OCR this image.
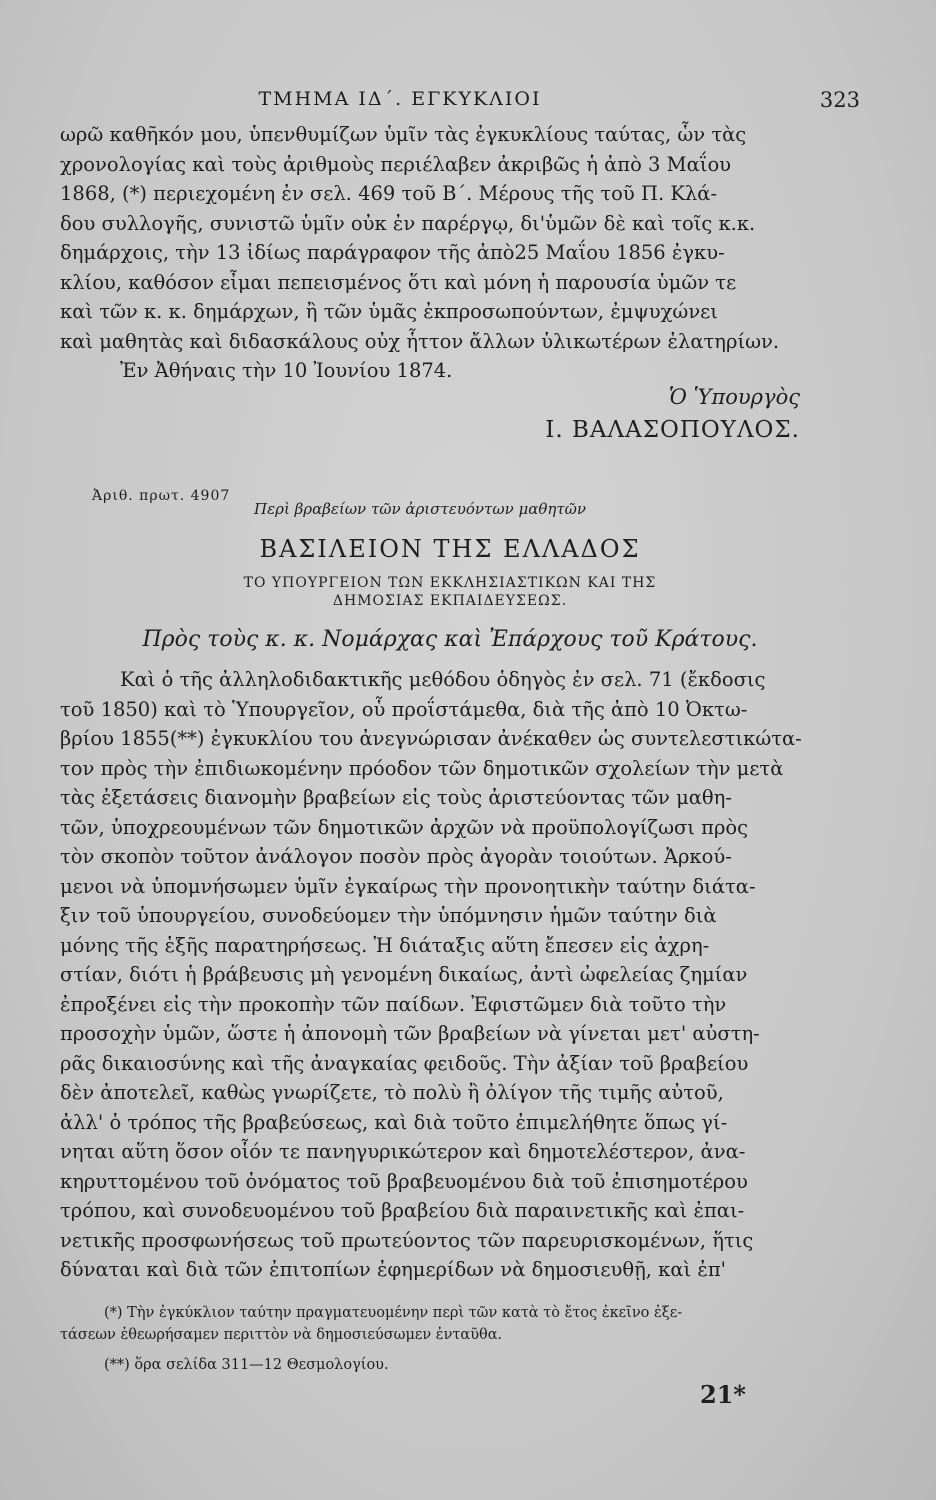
ΤΜΗΜΑ ΙΔ΄. ΕΓΚΥΚΛΙΟΙ	323
ωρῶ καθῆκόν μου, ὑπενθυμίζων ὑμῖν τὰς ἐγκυκλίους ταύτας, ὧν τὰς
χρονολογίας καὶ τοὺς ἀριθμοὺς περιέλαβεν ἀκριβῶς ἡ ἀπὸ 3 Μαΐου
1868, (*) περιεχομένη ἐν σελ. 469 τοῦ Β΄. Μέρους τῆς τοῦ Π. Κλά-
δου συλλογῆς, συνιστῶ ὑμῖν οὐκ ἐν παρέργῳ, δι'ὑμῶν δὲ καὶ τοῖς κ.κ.
δημάρχοις, τὴν 13 ἰδίως παράγραφον τῆς ἀπὸ25 Μαΐου 1856 ἐγκυ-
κλίου, καθόσον εἶμαι πεπεισμένος ὅτι καὶ μόνη ἡ παρουσία ὑμῶν τε
καὶ τῶν κ. κ. δημάρχων, ἢ τῶν ὑμᾶς ἐκπροσωπούντων, ἐμψυχώνει
καὶ μαθητὰς καὶ διδασκάλους οὐχ ἧττον ἄλλων ὑλικωτέρων ἐλατηρίων.
Ἐν Ἀθήναις τὴν 10 Ἰουνίου 1874.
Ὁ Ὑπουργὸς
Ι. ΒΑΛΑΣΟΠΟΥΛΟΣ.
Ἀριθ. πρωτ. 4907
Περὶ βραβείων τῶν ἀριστευόντων μαθητῶν
ΒΑΣΙΛΕΙΟΝ ΤΗΣ ΕΛΛΑΔΟΣ
ΤΟ ΥΠΟΥΡΓΕΙΟΝ ΤΩΝ ΕΚΚΛΗΣΙΑΣΤΙΚΩΝ ΚΑΙ ΤΗΣ
ΔΗΜΟΣΙΑΣ ΕΚΠΑΙΔΕΥΣΕΩΣ.
Πρὸς τοὺς κ. κ. Νομάρχας καὶ Ἐπάρχους τοῦ Κράτους.
Καὶ ὁ τῆς ἀλληλοδιδακτικῆς μεθόδου ὁδηγὸς ἐν σελ. 71 (ἔκδοσις
τοῦ 1850) καὶ τὸ Ὑπουργεῖον, οὗ προΐστάμεθα, διὰ τῆς ἀπὸ 10 Ὀκτω-
βρίου 1855(**) ἐγκυκλίου του ἀνεγνώρισαν ἀνέκαθεν ὡς συντελεστικώτα-
τον πρὸς τὴν ἐπιδιωκομένην πρόοδον τῶν δημοτικῶν σχολείων τὴν μετὰ
τὰς ἐξετάσεις διανομὴν βραβείων εἰς τοὺς ἀριστεύοντας τῶν μαθη-
τῶν, ὑποχρεουμένων τῶν δημοτικῶν ἀρχῶν νὰ προϋπολογίζωσι πρὸς
τὸν σκοπὸν τοῦτον ἀνάλογον ποσὸν πρὸς ἀγορὰν τοιούτων. Ἀρκού-
μενοι νὰ ὑπομνήσωμεν ὑμῖν ἐγκαίρως τὴν προνοητικὴν ταύτην διάτα-
ξιν τοῦ ὑπουργείου, συνοδεύομεν τὴν ὑπόμνησιν ἡμῶν ταύτην διὰ
μόνης τῆς ἑξῆς παρατηρήσεως. Ἡ διάταξις αὕτη ἔπεσεν εἰς ἀχρη-
στίαν, διότι ἡ βράβευσις μὴ γενομένη δικαίως, ἀντὶ ὠφελείας ζημίαν
ἐπροξένει εἰς τὴν προκοπὴν τῶν παίδων. Ἐφιστῶμεν διὰ τοῦτο τὴν
προσοχὴν ὑμῶν, ὥστε ἡ ἀπονομὴ τῶν βραβείων νὰ γίνεται μετ' αὐστη-
ρᾶς δικαιοσύνης καὶ τῆς ἀναγκαίας φειδοῦς. Τὴν ἀξίαν τοῦ βραβείου
δὲν ἀποτελεῖ, καθὼς γνωρίζετε, τὸ πολὺ ἢ ὀλίγον τῆς τιμῆς αὐτοῦ,
ἀλλ' ὁ τρόπος τῆς βραβεύσεως, καὶ διὰ τοῦτο ἐπιμελήθητε ὅπως γί-
νηται αὕτη ὅσον οἷόν τε πανηγυρικώτερον καὶ δημοτελέστερον, ἀνα-
κηρυττομένου τοῦ ὀνόματος τοῦ βραβευομένου διὰ τοῦ ἐπισημοτέρου
τρόπου, καὶ συνοδευομένου τοῦ βραβείου διὰ παραινετικῆς καὶ ἐπαι-
νετικῆς προσφωνήσεως τοῦ πρωτεύοντος τῶν παρευρισκομένων, ἥτις
δύναται καὶ διὰ τῶν ἐπιτοπίων ἐφημερίδων νὰ δημοσιευθῇ, καὶ ἐπ'
(*) Τὴν ἐγκύκλιον ταύτην πραγματευομένην περὶ τῶν κατὰ τὸ ἔτος ἐκεῖνο ἐξε-
τάσεων ἐθεωρήσαμεν περιττὸν νὰ δημοσιεύσωμεν ἐνταῦθα.
(**) ὅρα σελίδα 311—12 Θεσμολογίου.
21*
